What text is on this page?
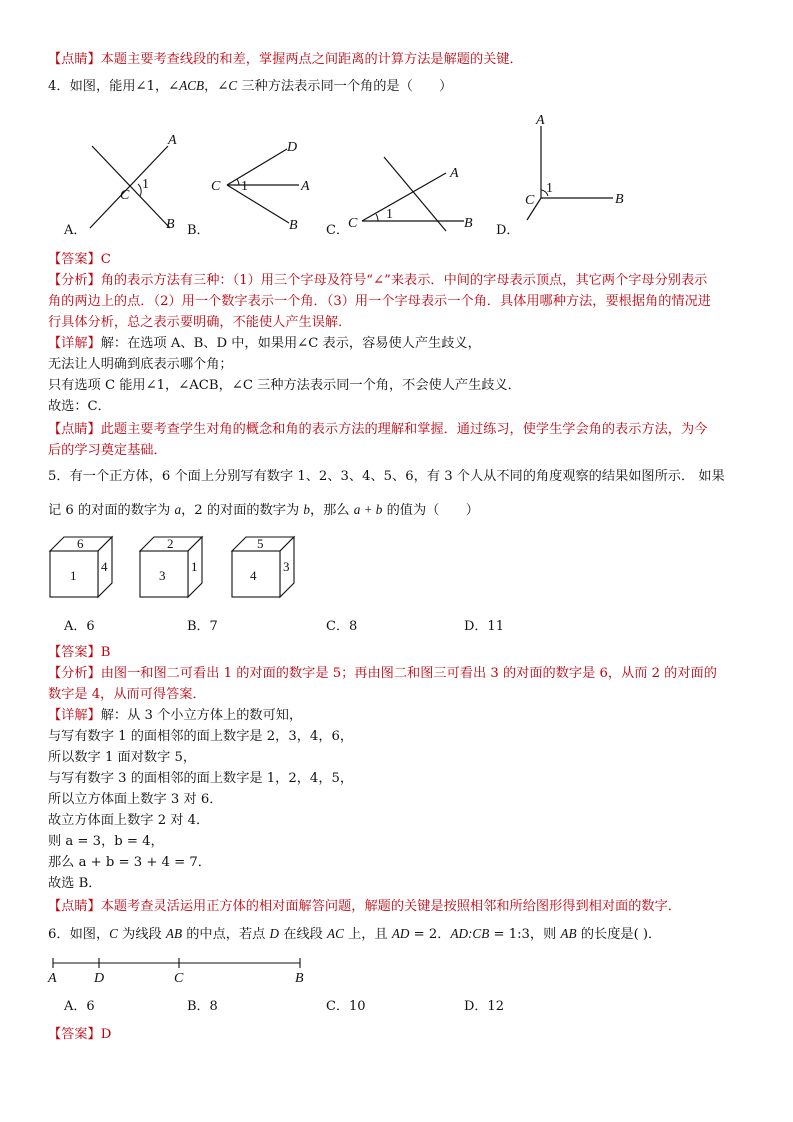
【点睛】本题主要考查线段的和差，掌握两点之间距离的计算方法是解题的关键．
4．如图，能用∠1，∠ACB，∠C 三种方法表示同一个角的是（　　）
A
C
1
B
A．
D
C 1	A
B
B．	C
1
A
B
C．
A
C
1
B
D．
【答案】C
【分析】角的表示方法有三种：（1）用三个字母及符号“∠”来表示．中间的字母表示顶点，其它两个字母分别表示
角的两边上的点．（2）用一个数字表示一个角．（3）用一个字母表示一个角．具体用哪种方法，要根据角的情况进
行具体分析，总之表示要明确，不能使人产生误解．
【详解】解：在选项 A、B、D 中，如果用∠C 表示，容易使人产生歧义，
无法让人明确到底表示哪个角；
只有选项 C 能用∠1，∠ACB，∠C 三种方法表示同一个角，不会使人产生歧义．
故选：C．
【点睛】此题主要考查学生对角的概念和角的表示方法的理解和掌握．通过练习，使学生学会角的表示方法，为今
后的学习奠定基础．
5．有一个正方体，6 个面上分别写有数字 1、2、3、4、5、6，有 3 个人从不同的角度观察的结果如图所示． 如果
记 6 的对面的数字为 a，2 的对面的数字为 b，那么 a + b 的值为（　　）
6
1
4
2
3
1
5
4
3
A．6	B．7	C．8	D．11
【答案】B
【分析】由图一和图二可看出 1 的对面的数字是 5；再由图二和图三可看出 3 的对面的数字是 6，从而 2 的对面的
数字是 4，从而可得答案．
【详解】解：从 3 个小立方体上的数可知，
与写有数字 1 的面相邻的面上数字是 2，3，4，6，
所以数字 1 面对数字 5，
与写有数字 3 的面相邻的面上数字是 1，2，4，5，
所以立方体面上数字 3 对 6．
故立方体面上数字 2 对 4．
则 a = 3，b = 4，
那么 a + b = 3 + 4 = 7．
故选 B．
【点睛】本题考查灵活运用正方体的相对面解答问题，解题的关键是按照相邻和所给图形得到相对面的数字．
6．如图，C 为线段 AB 的中点，若点 D 在线段 AC 上，且 AD = 2．AD:CB = 1:3，则 AB 的长度是( )．
A	D	C	B
A．6	B．8	C．10	D．12
【答案】D
